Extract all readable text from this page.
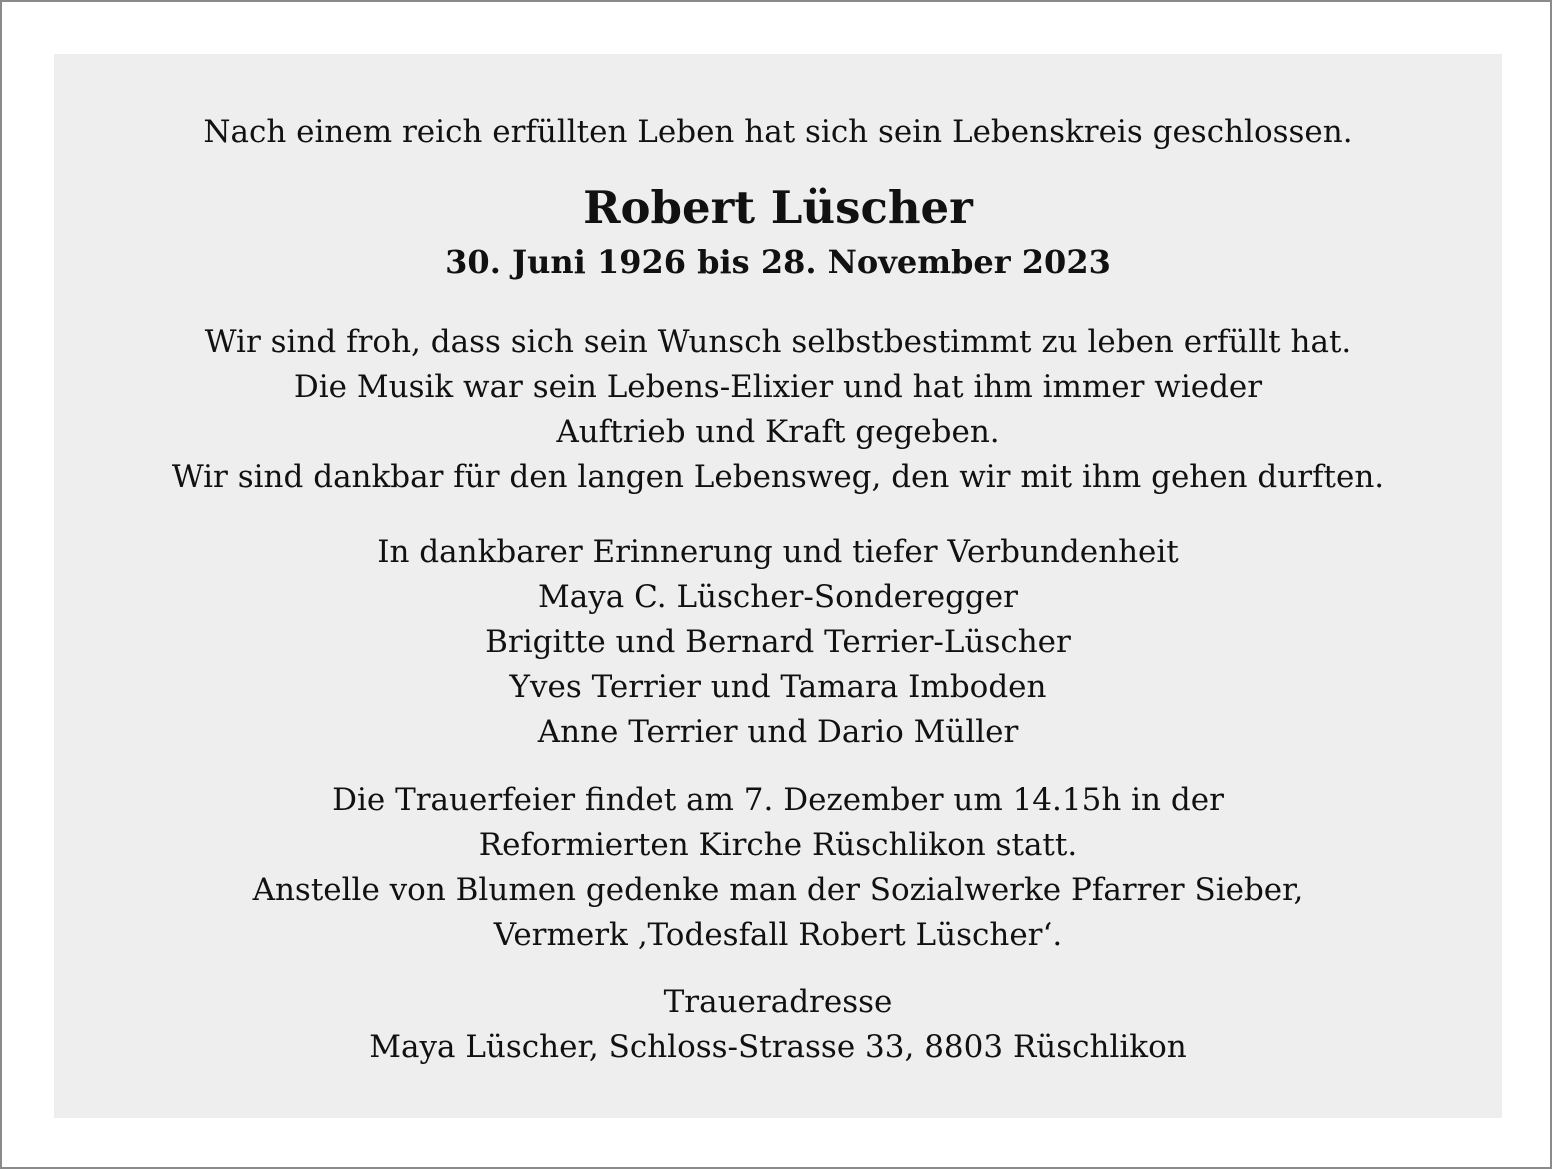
Nach einem reich erfüllten Leben hat sich sein Lebenskreis geschlossen.
Robert Lüscher
30. Juni 1926 bis 28. November 2023
Wir sind froh, dass sich sein Wunsch selbstbestimmt zu leben erfüllt hat.
Die Musik war sein Lebens-Elixier und hat ihm immer wieder
Auftrieb und Kraft gegeben.
Wir sind dankbar für den langen Lebensweg, den wir mit ihm gehen durften.
In dankbarer Erinnerung und tiefer Verbundenheit
Maya C. Lüscher-Sonderegger
Brigitte und Bernard Terrier-Lüscher
Yves Terrier und Tamara Imboden
Anne Terrier und Dario Müller
Die Trauerfeier findet am 7. Dezember um 14.15h in der
Reformierten Kirche Rüschlikon statt.
Anstelle von Blumen gedenke man der Sozialwerke Pfarrer Sieber,
Vermerk ‚Todesfall Robert Lüscher‘.
Traueradresse
Maya Lüscher, Schloss-Strasse 33, 8803 Rüschlikon
